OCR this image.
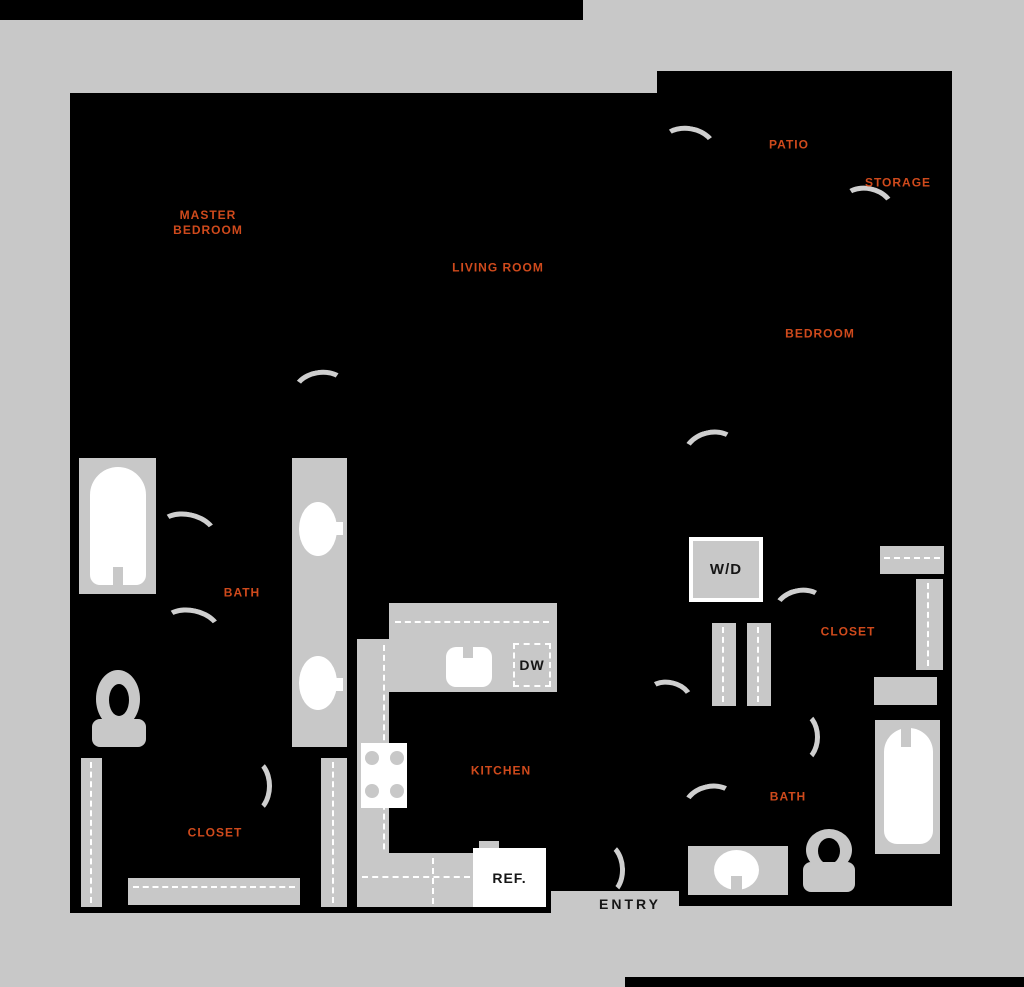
ENTRY
DW
REF.
W/D
MASTER
BEDROOM
LIVING ROOM
PATIO
STORAGE
BEDROOM
BATH
CLOSET
KITCHEN
CLOSET
BATH
